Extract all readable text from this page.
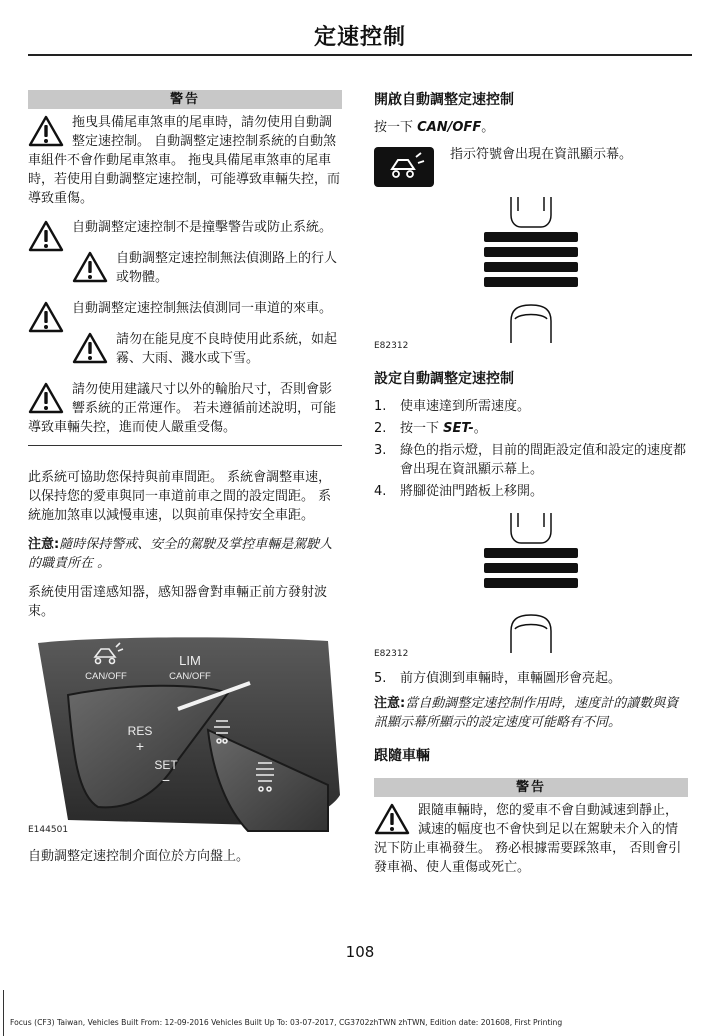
定速控制
警告
拖曳具備尾車煞車的尾車時，請勿使用自動調整定速控制。 自動調整定速控制系統的自動煞車組件不會作動尾車煞車。 拖曳具備尾車煞車的尾車時，若使用自動調整定速控制，可能導致車輛失控，而導致重傷。
自動調整定速控制不是撞擊警告或防止系統。
自動調整定速控制無法偵測路上的行人或物體。
自動調整定速控制無法偵測同一車道的來車。
請勿在能見度不良時使用此系統，如起霧、大雨、濺水或下雪。
請勿使用建議尺寸以外的輪胎尺寸，否則會影響系統的正常運作。 若未遵循前述說明，可能導致車輛失控，進而使人嚴重受傷。
此系統可協助您保持與前車間距。 系統會調整車速，以保持您的愛車與同一車道前車之間的設定間距。 系統施加煞車以減慢車速，以與前車保持安全車距。
注意:隨時保持警戒、安全的駕駛及掌控車輛是駕駛人的職責所在 。
系統使用雷達感知器，感知器會對車輛正前方發射波束。
CAN/OFF
LIM
CAN/OFF
RES
+
SET
−
E144501
自動調整定速控制介面位於方向盤上。
開啟自動調整定速控制
按一下 CAN/OFF。
指示符號會出現在資訊顯示幕。
E82312
設定自動調整定速控制
1. 使車速達到所需速度。
2. 按一下 SET-。
3. 綠色的指示燈，目前的間距設定值和設定的速度都會出現在資訊顯示幕上。
4. 將腳從油門踏板上移開。
E82312
5. 前方偵測到車輛時，車輛圖形會亮起。
注意:當自動調整定速控制作用時，速度計的讀數與資訊顯示幕所顯示的設定速度可能略有不同。
跟隨車輛
警告
跟隨車輛時，您的愛車不會自動減速到靜止，減速的幅度也不會快到足以在駕駛未介入的情況下防止車禍發生。 務必根據需要踩煞車， 否則會引發車禍、使人重傷或死亡。
108
Focus (CF3) Taiwan, Vehicles Built From: 12-09-2016 Vehicles Built Up To: 03-07-2017, CG3702zhTWN zhTWN, Edition date: 201608, First Printing
